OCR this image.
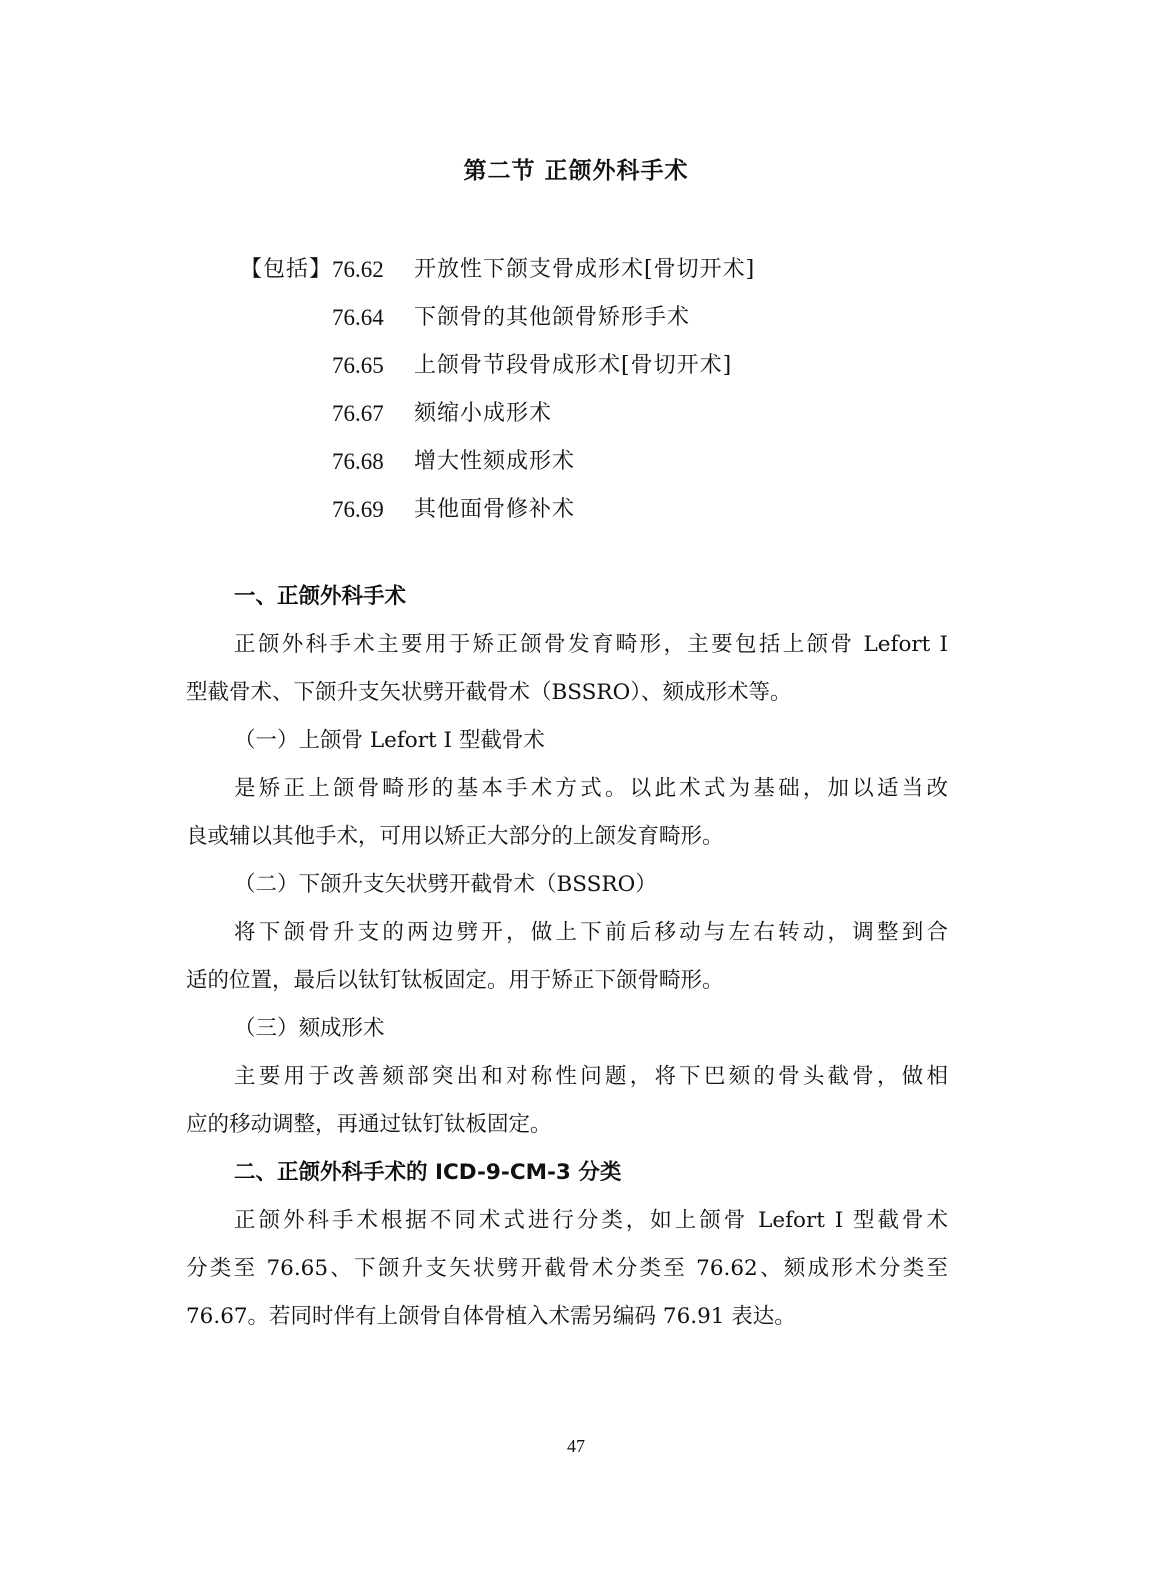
第二节 正颌外科手术
【包括】 76.62	开放性下颌支骨成形术[骨切开术]
76.64	下颌骨的其他颌骨矫形手术
76.65	上颌骨节段骨成形术[骨切开术]
76.67	颏缩小成形术
76.68	增大性颏成形术
76.69	其他面骨修补术
一、正颌外科手术
正颌外科手术主要用于矫正颌骨发育畸形，主要包括上颌骨 Lefort I
型截骨术、下颌升支矢状劈开截骨术（BSSRO）、颏成形术等。
（一）上颌骨 Lefort I 型截骨术
是矫正上颌骨畸形的基本手术方式。以此术式为基础，加以适当改
良或辅以其他手术，可用以矫正大部分的上颌发育畸形。
（二）下颌升支矢状劈开截骨术（BSSRO）
将下颌骨升支的两边劈开，做上下前后移动与左右转动，调整到合
适的位置，最后以钛钉钛板固定。用于矫正下颌骨畸形。
（三）颏成形术
主要用于改善颏部突出和对称性问题，将下巴颏的骨头截骨，做相
应的移动调整，再通过钛钉钛板固定。
二、正颌外科手术的 ICD-9-CM-3 分类
正颌外科手术根据不同术式进行分类，如上颌骨 Lefort I 型截骨术
分类至 76.65、下颌升支矢状劈开截骨术分类至 76.62、颏成形术分类至
76.67。若同时伴有上颌骨自体骨植入术需另编码 76.91 表达。
47
